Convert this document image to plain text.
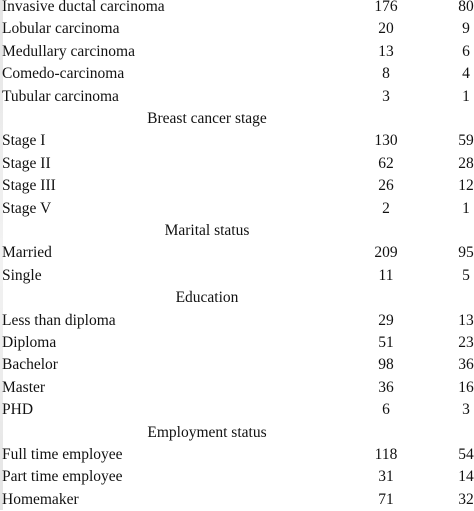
Invasive ductal carcinoma	176	80
Lobular carcinoma	20	9
Medullary carcinoma	13	6
Comedo-carcinoma	8	4
Tubular carcinoma	3	1
Breast cancer stage
Stage I	130	59
Stage II	62	28
Stage III	26	12
Stage V	2	1
Marital status
Married	209	95
Single	11	5
Education
Less than diploma	29	13
Diploma	51	23
Bachelor	98	36
Master	36	16
PHD	6	3
Employment status
Full time employee	118	54
Part time employee	31	14
Homemaker	71	32
